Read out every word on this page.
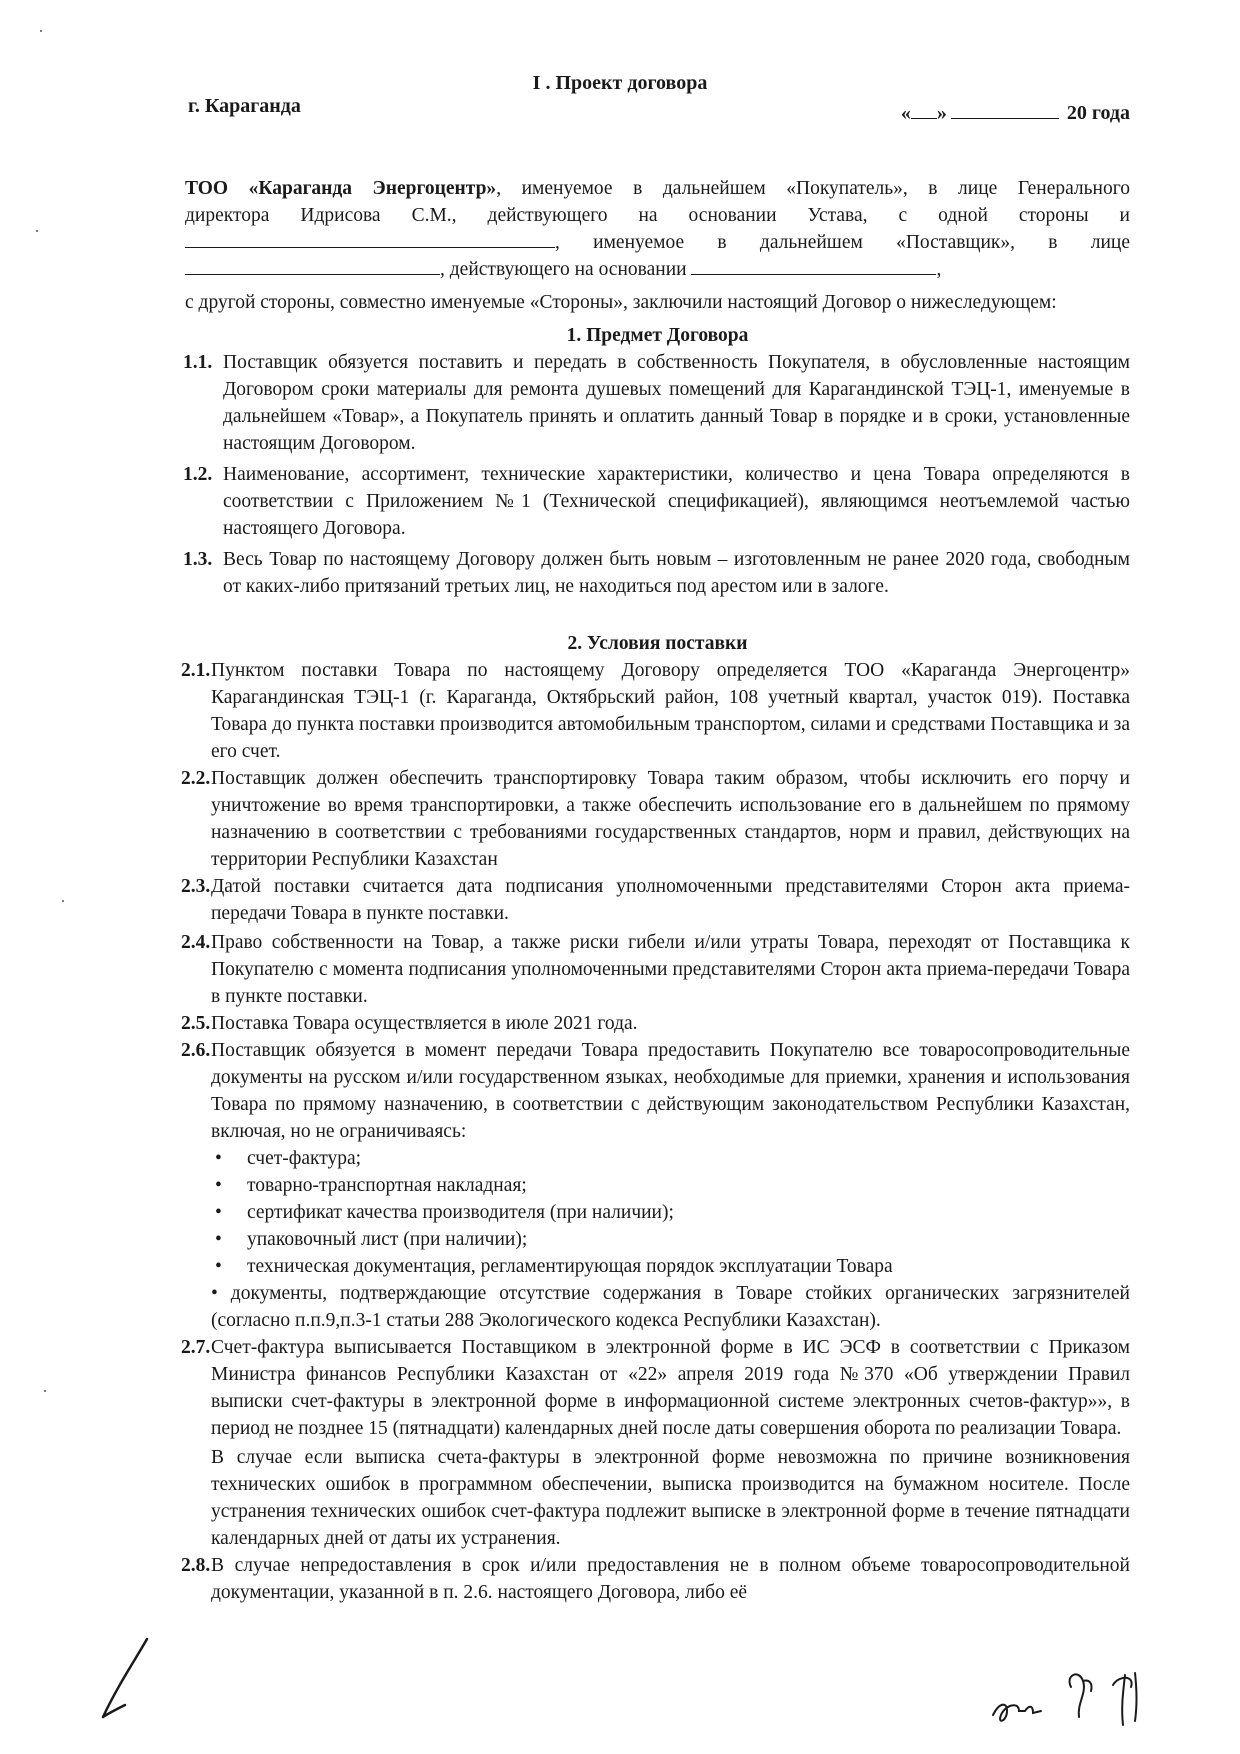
I . Проект договора
г. Караганда	« »	20 года
ТОО «Караганда Энергоцентр», именуемое в дальнейшем «Покупатель», в лице Генерального
директора Идрисова С.М., действующего на основании Устава, с одной стороны и
, именуемое в дальнейшем «Поставщик», в лице
, действующего на основании	,
с другой стороны, совместно именуемые «Стороны», заключили настоящий Договор о нижеследующем:
1. Предмет Договора
1.1. Поставщик обязуется поставить и передать в собственность Покупателя, в обусловленные настоящим Договором сроки материалы для ремонта душевых помещений для Карагандинской ТЭЦ-1, именуемые в дальнейшем «Товар», а Покупатель принять и оплатить данный Товар в порядке и в сроки, установленные настоящим Договором.
1.2. Наименование, ассортимент, технические характеристики, количество и цена Товара определяются в соответствии с Приложением №1 (Технической спецификацией), являющимся неотъемлемой частью настоящего Договора.
1.3. Весь Товар по настоящему Договору должен быть новым – изготовленным не ранее 2020 года, свободным от каких-либо притязаний третьих лиц, не находиться под арестом или в залоге.
2. Условия поставки
2.1. Пунктом поставки Товара по настоящему Договору определяется ТОО «Караганда Энергоцентр» Карагандинская ТЭЦ-1 (г. Караганда, Октябрьский район, 108 учетный квартал, участок 019). Поставка Товара до пункта поставки производится автомобильным транспортом, силами и средствами Поставщика и за его счет.
2.2. Поставщик должен обеспечить транспортировку Товара таким образом, чтобы исключить его порчу и уничтожение во время транспортировки, а также обеспечить использование его в дальнейшем по прямому назначению в соответствии с требованиями государственных стандартов, норм и правил, действующих на территории Республики Казахстан
2.3. Датой поставки считается дата подписания уполномоченными представителями Сторон акта приема-передачи Товара в пункте поставки.
2.4. Право собственности на Товар, а также риски гибели и/или утраты Товара, переходят от Поставщика к Покупателю с момента подписания уполномоченными представителями Сторон акта приема-передачи Товара в пункте поставки.
2.5. Поставка Товара осуществляется в июле 2021 года.
2.6. Поставщик обязуется в момент передачи Товара предоставить Покупателю все товаросопроводительные документы на русском и/или государственном языках, необходимые для приемки, хранения и использования Товара по прямому назначению, в соответствии с действующим законодательством Республики Казахстан, включая, но не ограничиваясь:
• счет-фактура;
• товарно-транспортная накладная;
• сертификат качества производителя (при наличии);
• упаковочный лист (при наличии);
• техническая документация, регламентирующая порядок эксплуатации Товара
• документы, подтверждающие отсутствие содержания в Товаре стойких органических загрязнителей (согласно п.п.9,п.3-1 статьи 288 Экологического кодекса Республики Казахстан).
2.7. Счет-фактура выписывается Поставщиком в электронной форме в ИС ЭСФ в соответствии с Приказом Министра финансов Республики Казахстан от «22» апреля 2019 года №370 «Об утверждении Правил выписки счет-фактуры в электронной форме в информационной системе электронных счетов-фактур»», в период не позднее 15 (пятнадцати) календарных дней после даты совершения оборота по реализации Товара.
В случае если выписка счета-фактуры в электронной форме невозможна по причине возникновения технических ошибок в программном обеспечении, выписка производится на бумажном носителе. После устранения технических ошибок счет-фактура подлежит выписке в электронной форме в течение пятнадцати календарных дней от даты их устранения.
2.8. В случае непредоставления в срок и/или предоставления не в полном объеме товаросопроводительной документации, указанной в п. 2.6. настоящего Договора, либо её
